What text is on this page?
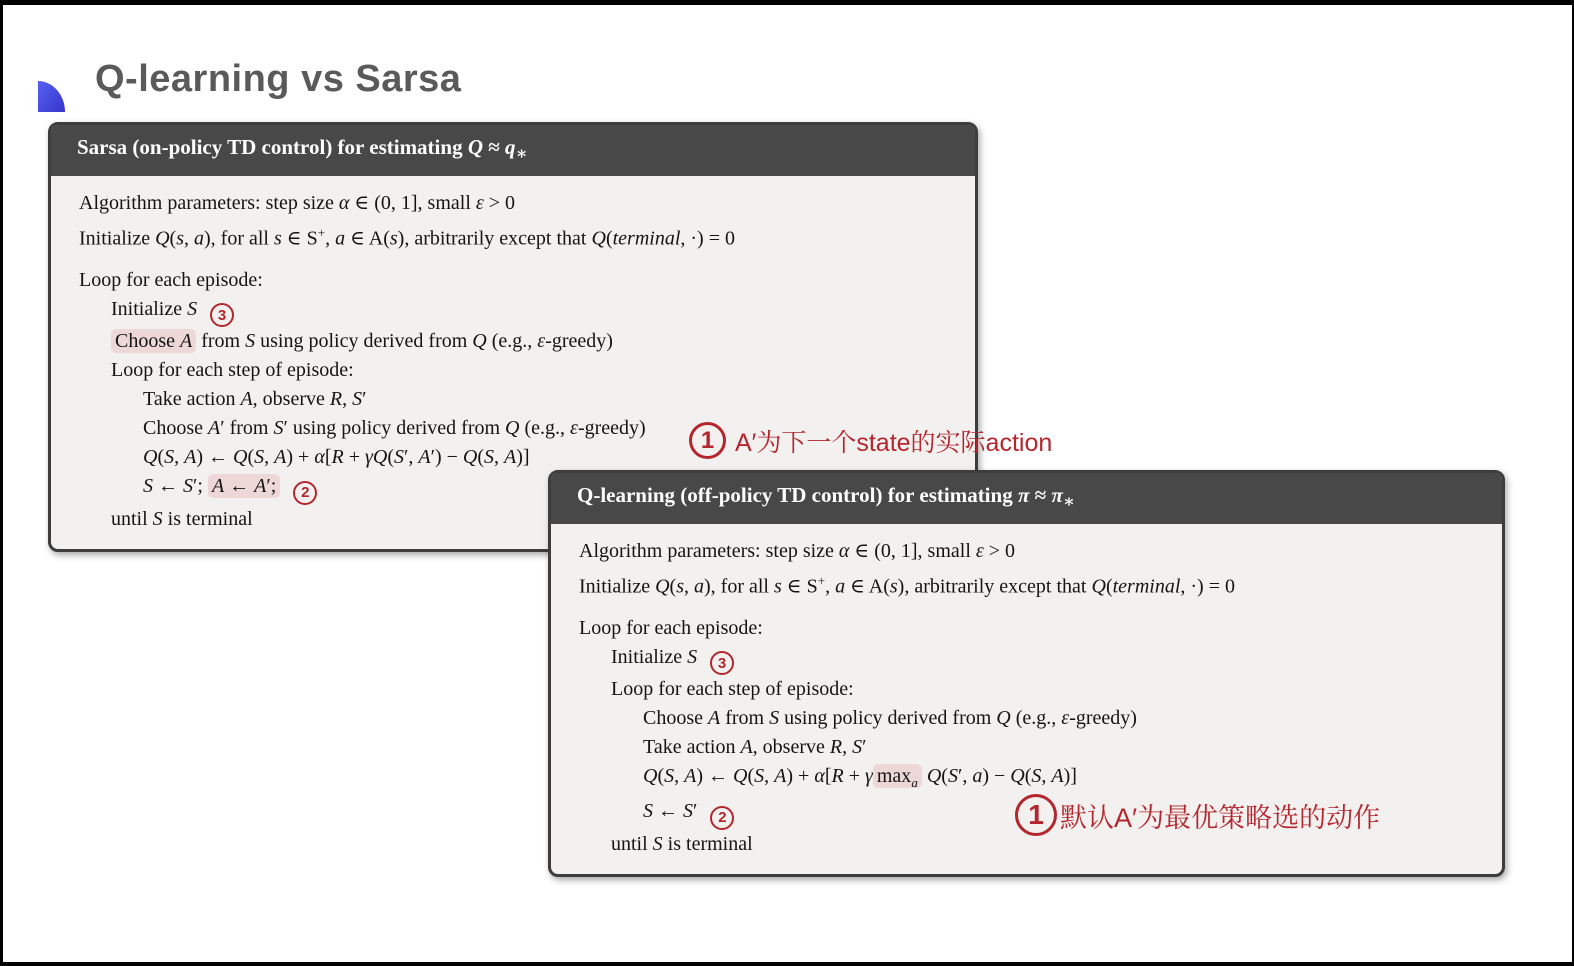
Q-learning vs Sarsa
Sarsa (on-policy TD control) for estimating $Q \approx q_∗$
Algorithm parameters: step size α ∈ (0, 1], small ε > 0
Initialize Q(s, a), for all s ∈ S+, a ∈ A(s), arbitrarily except that Q(terminal, ·) = 0
Loop for each episode:
Initialize S 3
Choose A from S using policy derived from Q (e.g., ε-greedy)
Loop for each step of episode:
Take action A, observe R, S′
Choose A′ from S′ using policy derived from Q (e.g., ε-greedy)
Q(S, A) ← Q(S, A) + α[R + γQ(S′, A′) − Q(S, A)]
S ← S′; A ← A′; 2
until S is terminal
Q-learning (off-policy TD control) for estimating $\pi \approx \pi_∗$
Algorithm parameters: step size α ∈ (0, 1], small ε > 0
Initialize Q(s, a), for all s ∈ S+, a ∈ A(s), arbitrarily except that Q(terminal, ·) = 0
Loop for each episode:
Initialize S 3
Loop for each step of episode:
Choose A from S using policy derived from Q (e.g., ε-greedy)
Take action A, observe R, S′
Q(S, A) ← Q(S, A) + α[R + γ $\max_a Q(S'$, a) − Q(S, A)]
S ← S′ 2
until S is terminal
1 A′为下一个state的实际action
1 默认A′为最优策略选的动作
